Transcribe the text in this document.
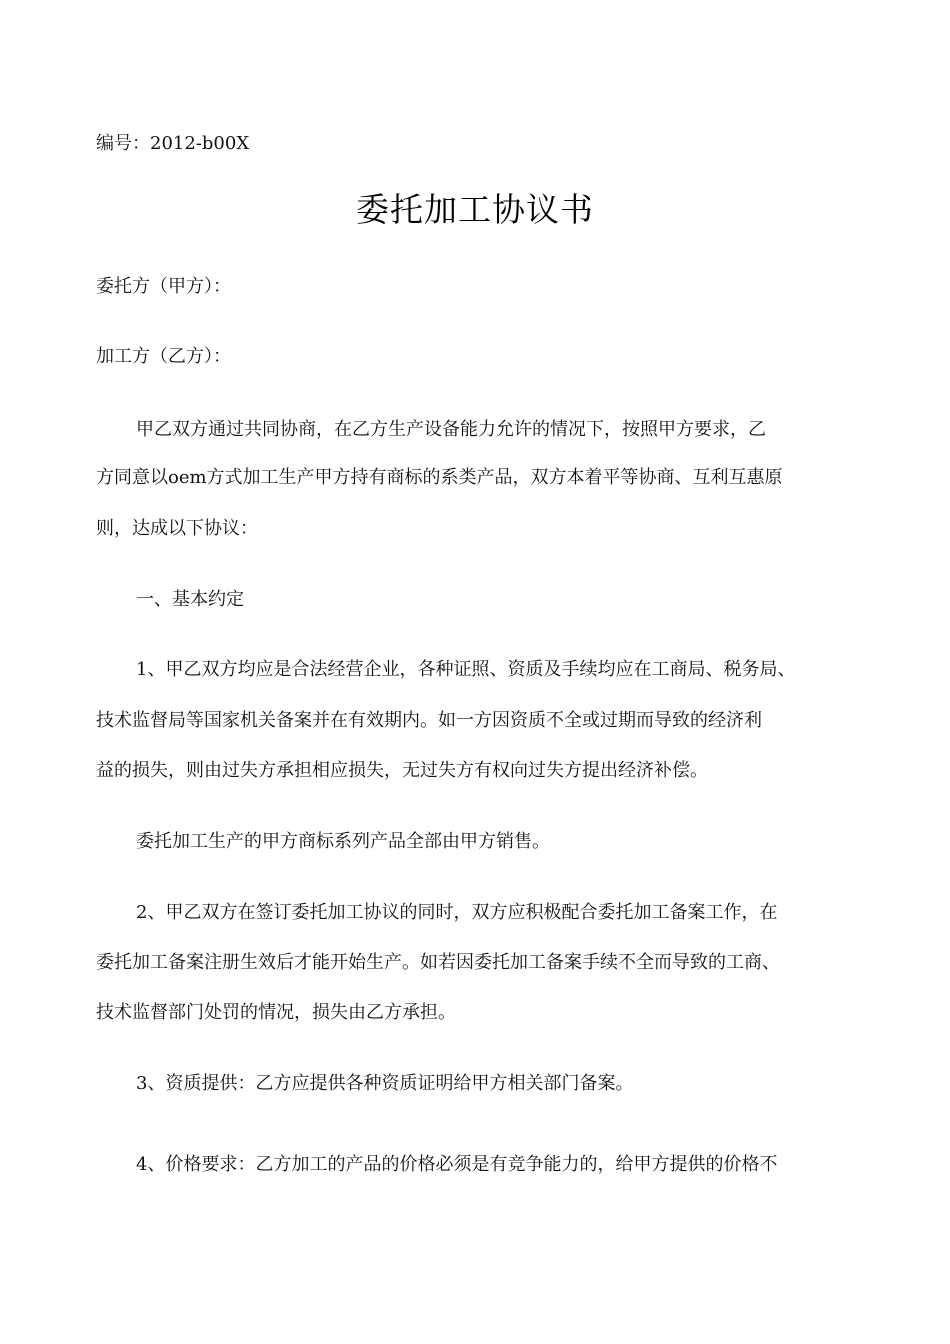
编号：2012-b00X
委托加工协议书
委托方（甲方）：
加工方（乙方）：
甲乙双方通过共同协商，在乙方生产设备能力允许的情况下，按照甲方要求，乙
方同意以oem方式加工生产甲方持有商标的系类产品，双方本着平等协商、互利互惠原
则，达成以下协议：
一、基本约定
1、甲乙双方均应是合法经营企业，各种证照、资质及手续均应在工商局、税务局、
技术监督局等国家机关备案并在有效期内。如一方因资质不全或过期而导致的经济利
益的损失，则由过失方承担相应损失，无过失方有权向过失方提出经济补偿。
委托加工生产的甲方商标系列产品全部由甲方销售。
2、甲乙双方在签订委托加工协议的同时，双方应积极配合委托加工备案工作，在
委托加工备案注册生效后才能开始生产。如若因委托加工备案手续不全而导致的工商、
技术监督部门处罚的情况，损失由乙方承担。
3、资质提供：乙方应提供各种资质证明给甲方相关部门备案。
4、价格要求：乙方加工的产品的价格必须是有竞争能力的，给甲方提供的价格不
